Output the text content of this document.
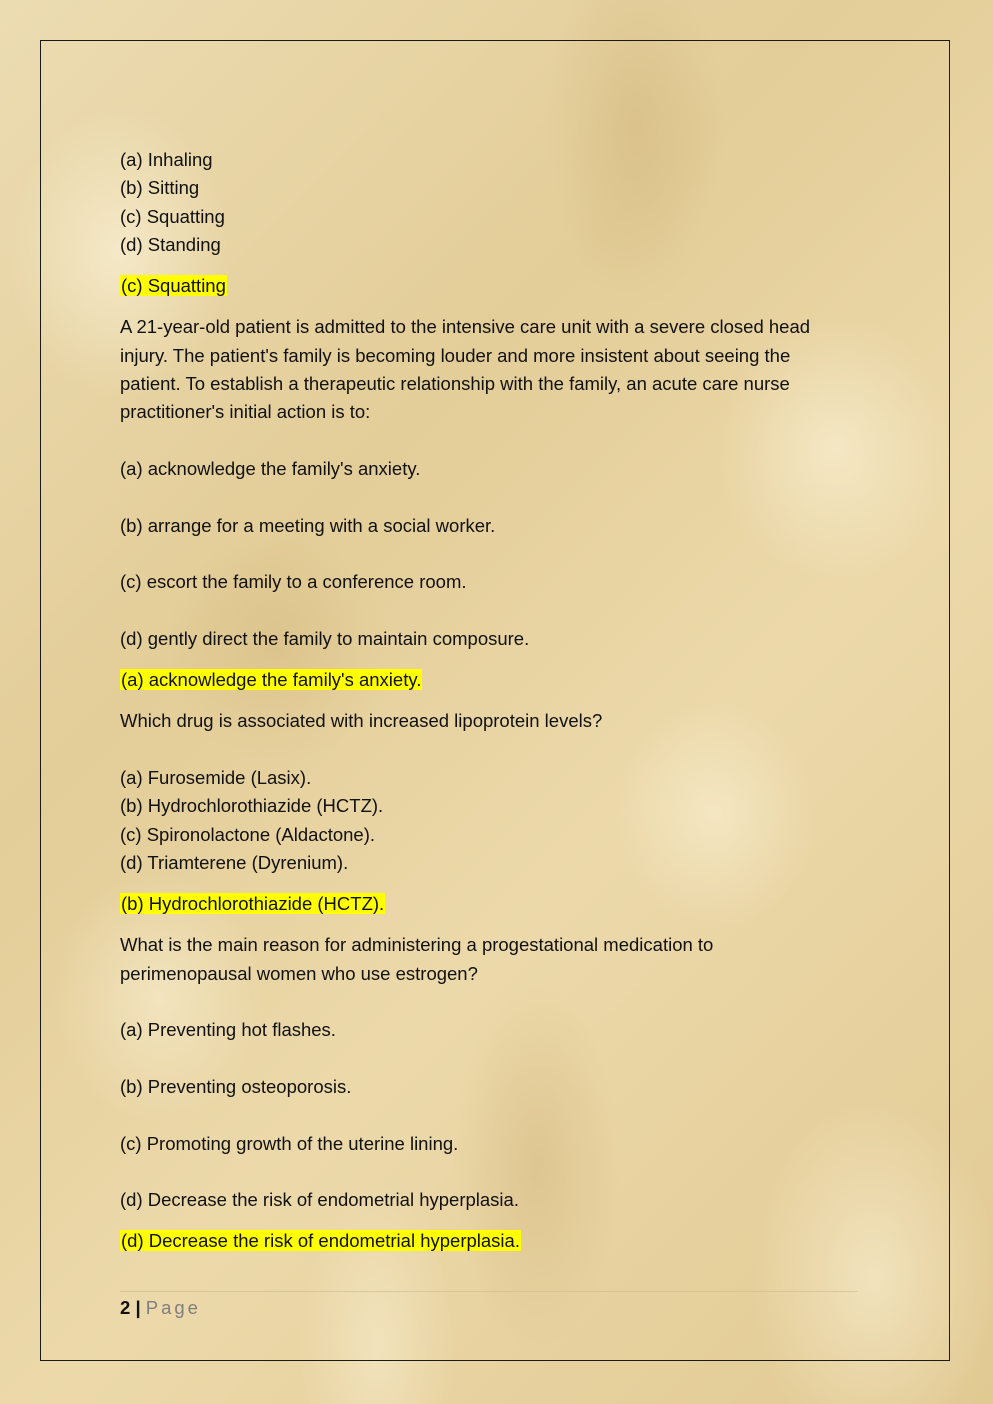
(a) Inhaling

(b) Sitting

(c) Squatting

(d) Standing

(c) Squatting

A 21-year-old patient is admitted to the intensive care unit with a severe closed head injury. The patient's family is becoming louder and more insistent about seeing the patient. To establish a therapeutic relationship with the family, an acute care nurse practitioner's initial action is to:

(a) acknowledge the family's anxiety.

(b) arrange for a meeting with a social worker.

(c) escort the family to a conference room.

(d) gently direct the family to maintain composure.

(a) acknowledge the family's anxiety.

Which drug is associated with increased lipoprotein levels?

(a) Furosemide (Lasix).

(b) Hydrochlorothiazide (HCTZ).

(c) Spironolactone (Aldactone).

(d) Triamterene (Dyrenium).

(b) Hydrochlorothiazide (HCTZ).

What is the main reason for administering a progestational medication to perimenopausal women who use estrogen?

(a) Preventing hot flashes.

(b) Preventing osteoporosis.

(c) Promoting growth of the uterine lining.

(d) Decrease the risk of endometrial hyperplasia.

(d) Decrease the risk of endometrial hyperplasia.

2 | Page
